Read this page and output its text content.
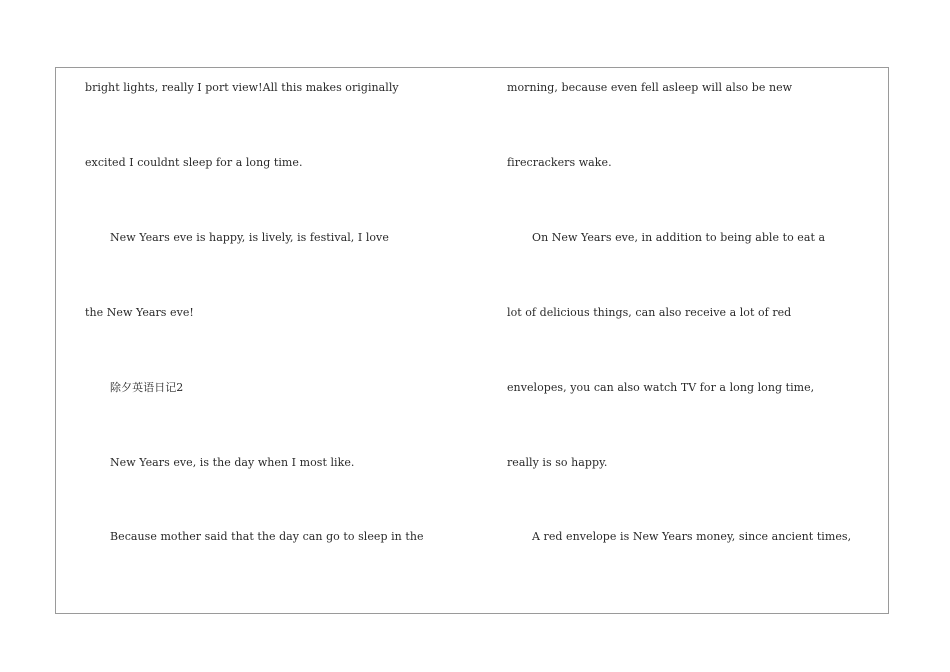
bright lights, really I port view!All this makes originally
excited I couldnt sleep for a long time.
New Years eve is happy, is lively, is festival, I love
the New Years eve!
除夕英语日记2
New Years eve, is the day when I most like.
Because mother said that the day can go to sleep in the
morning, because even fell asleep will also be new
firecrackers wake.
On New Years eve, in addition to being able to eat a
lot of delicious things, can also receive a lot of red
envelopes, you can also watch TV for a long long time,
really is so happy.
A red envelope is New Years money, since ancient times,
